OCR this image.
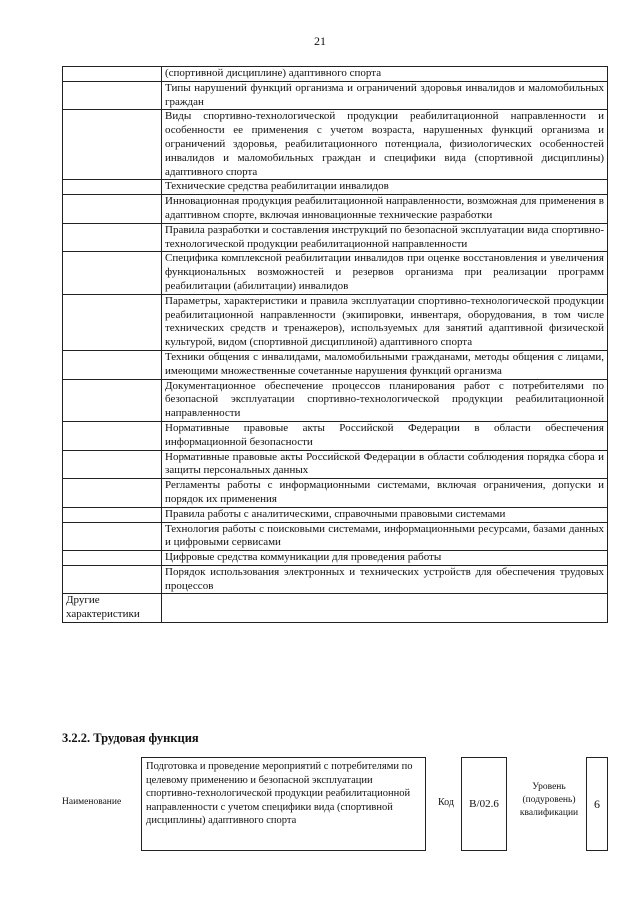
21
	(спортивной дисциплине) адаптивного спорта
	Типы нарушений функций организма и ограничений здоровья инвалидов и маломобильных граждан
	Виды спортивно-технологической продукции реабилитационной направленности и особенности ее применения с учетом возраста, нарушенных функций организма и ограничений здоровья, реабилитационного потенциала, физиологических особенностей инвалидов и маломобильных граждан и специфики вида (спортивной дисциплины) адаптивного спорта
	Технические средства реабилитации инвалидов
	Инновационная продукция реабилитационной направленности, возможная для применения в адаптивном спорте, включая инновационные технические разработки
	Правила разработки и составления инструкций по безопасной эксплуатации вида спортивно-технологической продукции реабилитационной направленности
	Специфика комплексной реабилитации инвалидов при оценке восстановления и увеличения функциональных возможностей и резервов организма при реализации программ реабилитации (абилитации) инвалидов
	Параметры, характеристики и правила эксплуатации спортивно-технологической продукции реабилитационной направленности (экипировки, инвентаря, оборудования, в том числе технических средств и тренажеров), используемых для занятий адаптивной физической культурой, видом (спортивной дисциплиной) адаптивного спорта
	Техники общения с инвалидами, маломобильными гражданами, методы общения с лицами, имеющими множественные сочетанные нарушения функций организма
	Документационное обеспечение процессов планирования работ с потребителями по безопасной эксплуатации спортивно-технологической продукции реабилитационной направленности
	Нормативные правовые акты Российской Федерации в области обеспечения информационной безопасности
	Нормативные правовые акты Российской Федерации в области соблюдения порядка сбора и защиты персональных данных
	Регламенты работы с информационными системами, включая ограничения, допуски и порядок их применения
	Правила работы с аналитическими, справочными правовыми системами
	Технология работы с поисковыми системами, информационными ресурсами, базами данных и цифровыми сервисами
	Цифровые средства коммуникации для проведения работы
	Порядок использования электронных и технических устройств для обеспечения трудовых процессов
Другие характеристики	
3.2.2. Трудовая функция
Наименование
Подготовка и проведение мероприятий с потребителями по целевому применению и безопасной эксплуатации спортивно-технологической продукции реабилитационной направленности с учетом специфики вида (спортивной дисциплины) адаптивного спорта
Код	B/02.6
Уровень (подуровень) квалификации
6
